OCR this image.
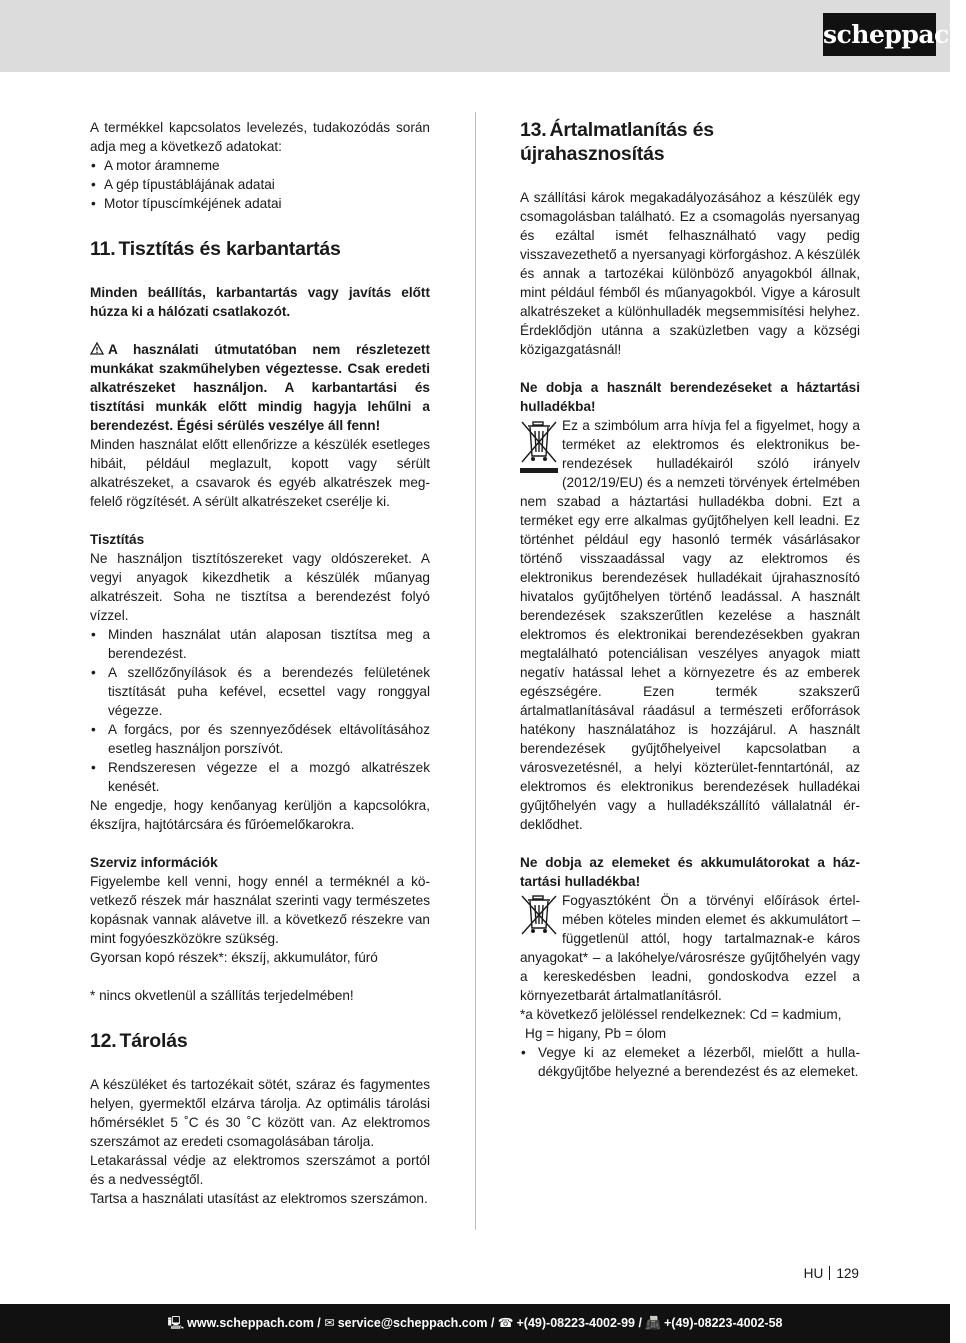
scheppach

A termékkel kapcsolatos levelezés, tudakozódás során adja meg a következő adatokat:

• A motor áramneme
• A gép típustáblájának adatai
• Motor típuscímkéjének adatai
11. Tisztítás és karbantartás

Minden beállítás, karbantartás vagy javítás előtt húzza ki a hálózati csatlakozót.

A használati útmutatóban nem részletezett munkákat szakműhelyben végeztesse. Csak eredeti alkatrészeket használjon. A karbantartási és tisztítási munkák előtt mindig hagyja lehűlni a berendezést. Égési sérülés veszélye áll fenn!

Minden használat előtt ellenőrizze a készülék esetleges hibáit, például meglazult, kopott vagy sérült alkatrészeket, a csavarok és egyéb alkatrészek megfelelő rögzítését. A sérült alkatrészeket cserélje ki.

Tisztítás

Ne használjon tisztítószereket vagy oldószereket. A vegyi anyagok kikezdhetik a készülék műanyag alkatrészeit. Soha ne tisztítsa a berendezést folyó vízzel.

• Minden használat után alaposan tisztítsa meg a berendezést.
• A szellőzőnyílások és a berendezés felületének tisztítását puha kefével, ecsettel vagy ronggyal végezze.
• A forgács, por és szennyeződések eltávolításához esetleg használjon porszívót.
• Rendszeresen végezze el a mozgó alkatrészek kenését.

Ne engedje, hogy kenőanyag kerüljön a kapcsolókra, ékszíjra, hajtótárcsára és fűróemelőkarokra.

Szerviz információk

Figyelembe kell venni, hogy ennél a terméknél a következő részek már használat szerinti vagy természetes kopásnak vannak alávetve ill. a következő részekre van mint fogyóeszközökre szükség.

Gyorsan kopó részek*: ékszíj, akkumulátor, fúró

* nincs okvetlenül a szállítás terjedelmében!

12. Tárolás

A készüléket és tartozékait sötét, száraz és fagymentes helyen, gyermektől elzárva tárolja. Az optimális tárolási hőmérséklet 5 ˚C és 30 ˚C között van. Az elektromos szerszámot az eredeti csomagolásában tárolja.

Letakarással védje az elektromos szerszámot a portól és a nedvességtől.

Tartsa a használati utasítást az elektromos szerszámon.

13. Ártalmatlanítás és újrahasznosítás

A szállítási károk megakadályozásához a készülék egy csomagolásban található. Ez a csomagolás nyersanyag és ezáltal ismét felhasználható vagy pedig visszavezethető a nyersanyagi körforgáshoz. A készülék és annak a tartozékai különböző anyagokból állnak, mint például fémből és műanyagokból. Vigye a károsult alkatrészeket a különhulladék megsemmisítési helyhez. Érdeklődjön utánna a szaküzletben vagy a községi közigazgatásnál!

Ne dobja a használt berendezéseket a háztartási hulladékba!

Ez a szimbólum arra hívja fel a figyelmet, hogy a terméket az elektromos és elektronikus berendezések hulladékairól szóló irányelv (2012/19/EU) és a nemzeti törvények értelmében nem szabad a háztartási hulladékba dobni. Ezt a terméket egy erre alkalmas gyűjtőhelyen kell leadni. Ez történhet például egy hasonló termék vásárlásakor történő visszaadással vagy az elektromos és elektronikus berendezések hulladékait újrahasznosító hivatalos gyűjtőhelyen történő leadással. A használt berendezések szakszerűtlen kezelése a használt elektromos és elektronikai berendezésekben gyakran megtalálható potenciálisan veszélyes anyagok miatt negatív hatással lehet a környezetre és az emberek egészségére. Ezen termék szakszerű ártalmatlanításával ráadásul a természeti erőforrások hatékony használatához is hozzájárul. A használt berendezések gyűjtőhelyeivel kapcsolatban a városvezetésnél, a helyi közterület-fenntartónál, az elektromos és elektronikus berendezések hulladékai gyűjtőhelyén vagy a hulladékszállító vállalatnál érdeklődhet.

Ne dobja az elemeket és akkumulátorokat a háztartási hulladékba!

Fogyasztóként Ön a törvényi előírások értelmében köteles minden elemet és akkumulátort – függetlenül attól, hogy tartalmaznak-e káros anyagokat* – a lakóhelye/városrésze gyűjtőhelyén vagy a kereskedésben leadni, gondoskodva ezzel a környezetbarát ártalmatlanításról.

*a következő jelöléssel rendelkeznek: Cd = kadmium,

Hg = higany, Pb = ólom

• Vegye ki az elemeket a lézerből, mielőtt a hulladékgyűjtőbe helyezné a berendezést és az elemeket.
HU 129
🖳 www.scheppach.com / ✉ service@scheppach.com / ☎ +(49)-08223-4002-99 / 📠 +(49)-08223-4002-58
